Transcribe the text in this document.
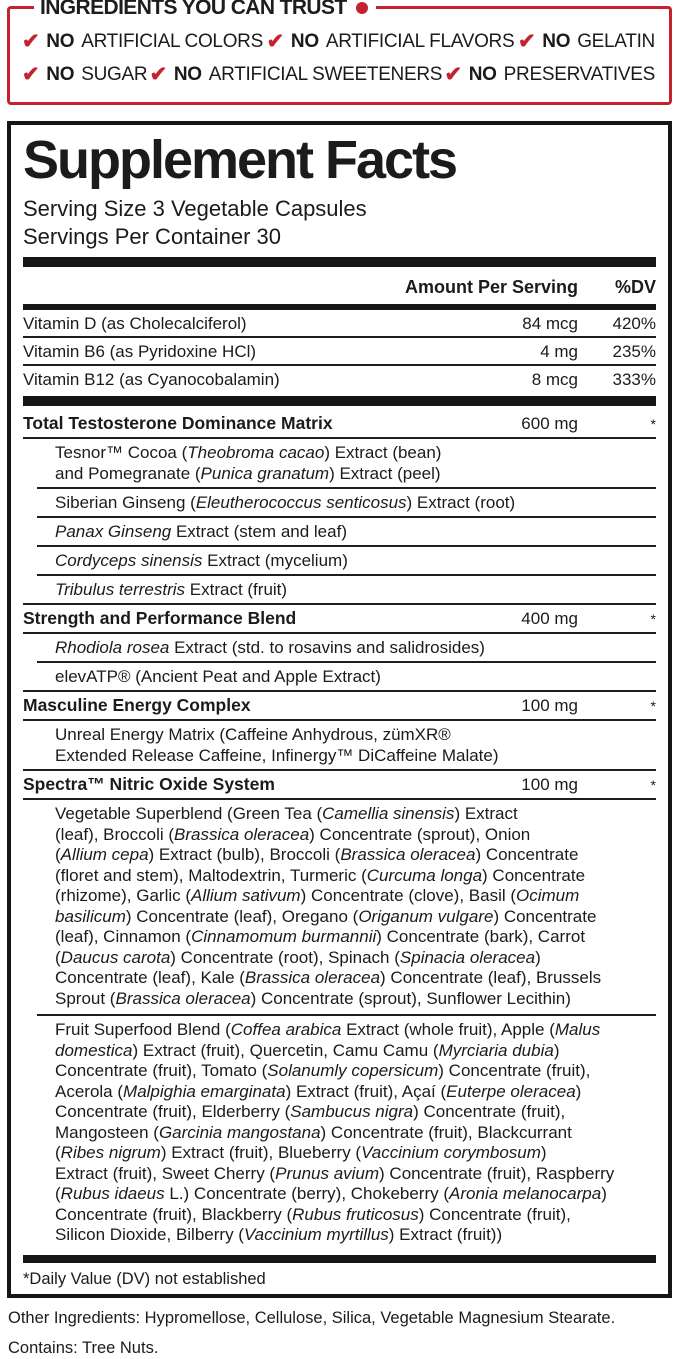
INGREDIENTS YOU CAN TRUST
✔ NO ARTIFICIAL COLORS ✔ NO ARTIFICIAL FLAVORS ✔ NO GELATIN
✔ NO SUGAR ✔ NO ARTIFICIAL SWEETENERS ✔ NO PRESERVATIVES
Supplement Facts
Serving Size 3 Vegetable Capsules
Servings Per Container 30
Amount Per Serving	%DV
Vitamin D (as Cholecalciferol)	84 mcg	420%
Vitamin B6 (as Pyridoxine HCl)	4 mg	235%
Vitamin B12 (as Cyanocobalamin)	8 mcg	333%
Total Testosterone Dominance Matrix	600 mg	*
Tesnor™ Cocoa (Theobroma cacao) Extract (bean)
and Pomegranate (Punica granatum) Extract (peel)
Siberian Ginseng (Eleutherococcus senticosus) Extract (root)
Panax Ginseng Extract (stem and leaf)
Cordyceps sinensis Extract (mycelium)
Tribulus terrestris Extract (fruit)
Strength and Performance Blend	400 mg	*
Rhodiola rosea Extract (std. to rosavins and salidrosides)
elevATP® (Ancient Peat and Apple Extract)
Masculine Energy Complex	100 mg	*
Unreal Energy Matrix (Caffeine Anhydrous, zümXR®
Extended Release Caffeine, Infinergy™ DiCaffeine Malate)
Spectra™ Nitric Oxide System	100 mg	*
Vegetable Superblend (Green Tea (Camellia sinensis) Extract
(leaf), Broccoli (Brassica oleracea) Concentrate (sprout), Onion
(Allium cepa) Extract (bulb), Broccoli (Brassica oleracea) Concentrate
(floret and stem), Maltodextrin, Turmeric (Curcuma longa) Concentrate
(rhizome), Garlic (Allium sativum) Concentrate (clove), Basil (Ocimum
basilicum) Concentrate (leaf), Oregano (Origanum vulgare) Concentrate
(leaf), Cinnamon (Cinnamomum burmannii) Concentrate (bark), Carrot
(Daucus carota) Concentrate (root), Spinach (Spinacia oleracea)
Concentrate (leaf), Kale (Brassica oleracea) Concentrate (leaf), Brussels
Sprout (Brassica oleracea) Concentrate (sprout), Sunflower Lecithin)
Fruit Superfood Blend (Coffea arabica Extract (whole fruit), Apple (Malus
domestica) Extract (fruit), Quercetin, Camu Camu (Myrciaria dubia)
Concentrate (fruit), Tomato (Solanumly copersicum) Concentrate (fruit),
Acerola (Malpighia emarginata) Extract (fruit), Açaí (Euterpe oleracea)
Concentrate (fruit), Elderberry (Sambucus nigra) Concentrate (fruit),
Mangosteen (Garcinia mangostana) Concentrate (fruit), Blackcurrant
(Ribes nigrum) Extract (fruit), Blueberry (Vaccinium corymbosum)
Extract (fruit), Sweet Cherry (Prunus avium) Concentrate (fruit), Raspberry
(Rubus idaeus L.) Concentrate (berry), Chokeberry (Aronia melanocarpa)
Concentrate (fruit), Blackberry (Rubus fruticosus) Concentrate (fruit),
Silicon Dioxide, Bilberry (Vaccinium myrtillus) Extract (fruit))
*Daily Value (DV) not established
Other Ingredients: Hypromellose, Cellulose, Silica, Vegetable Magnesium Stearate.
Contains: Tree Nuts.
